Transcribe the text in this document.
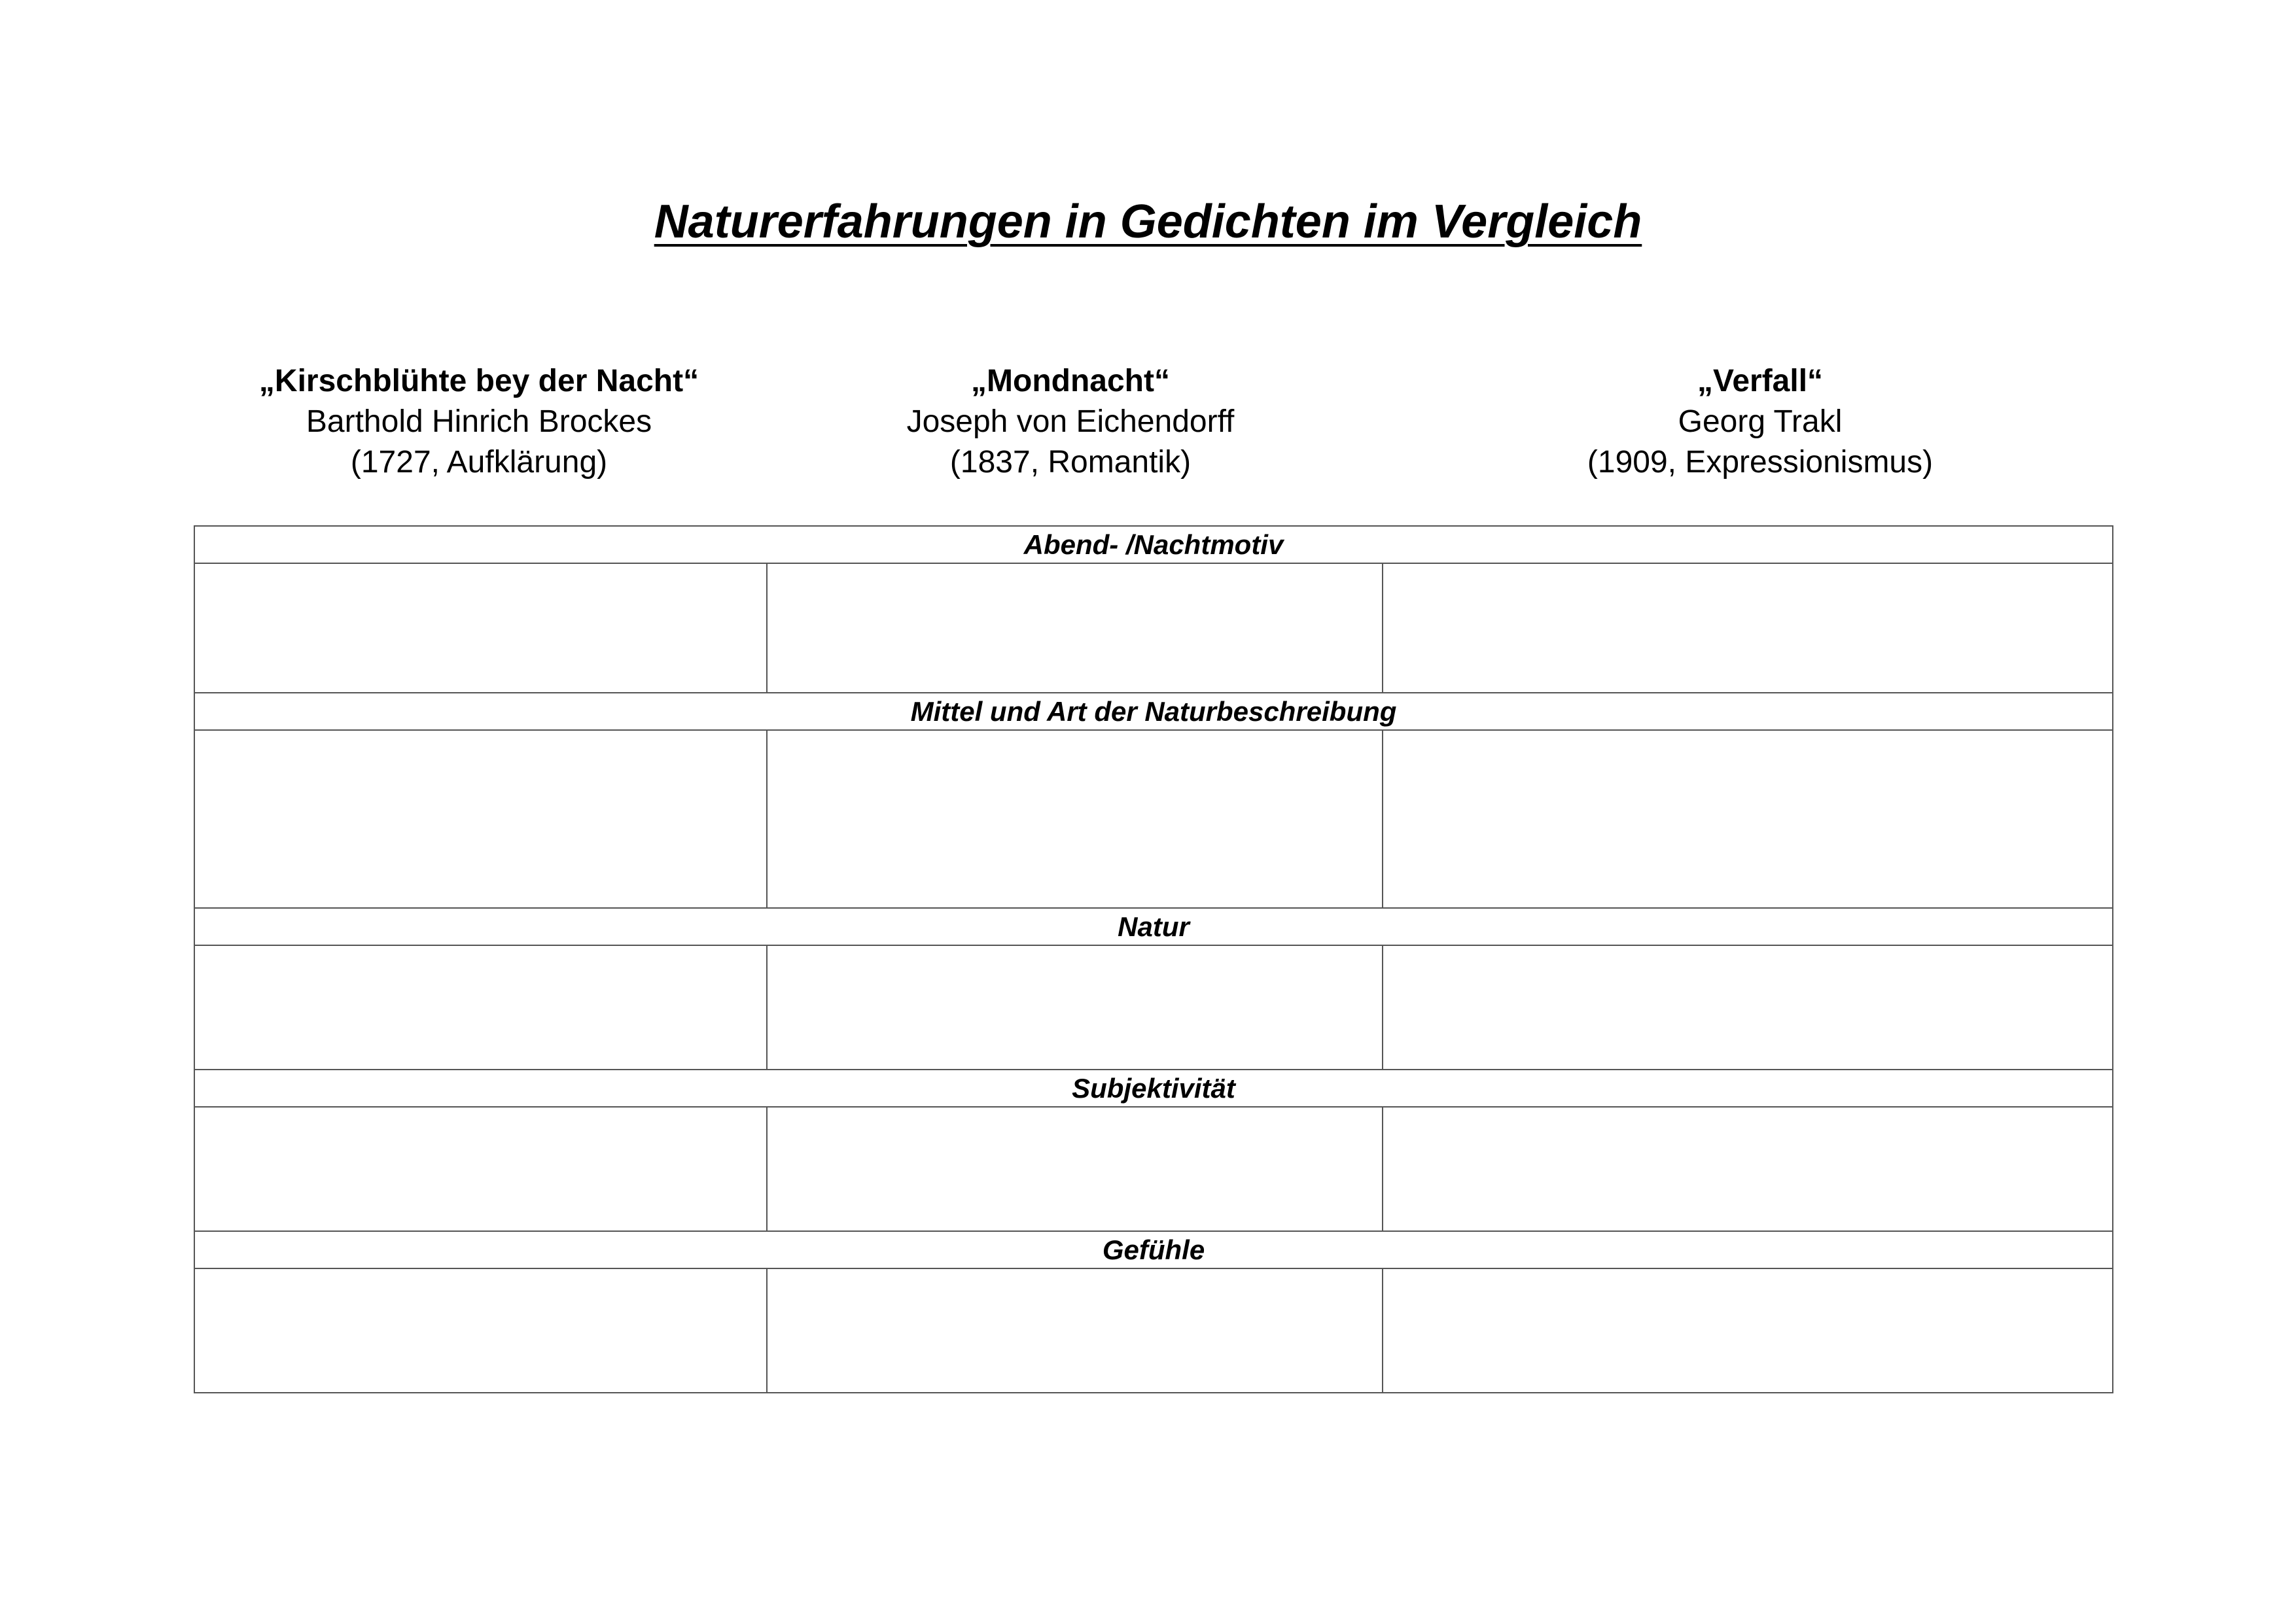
Naturerfahrungen in Gedichten im Vergleich
„Kirschblühte bey der Nacht“
Barthold Hinrich Brockes
(1727, Aufklärung)
„Mondnacht“
Joseph von Eichendorff
(1837, Romantik)
„Verfall“
Georg Trakl
(1909, Expressionismus)
Abend- /Nachtmotiv		

Mittel und Art der Naturbeschreibung		

Natur		

Subjektivität		

Gefühle		
